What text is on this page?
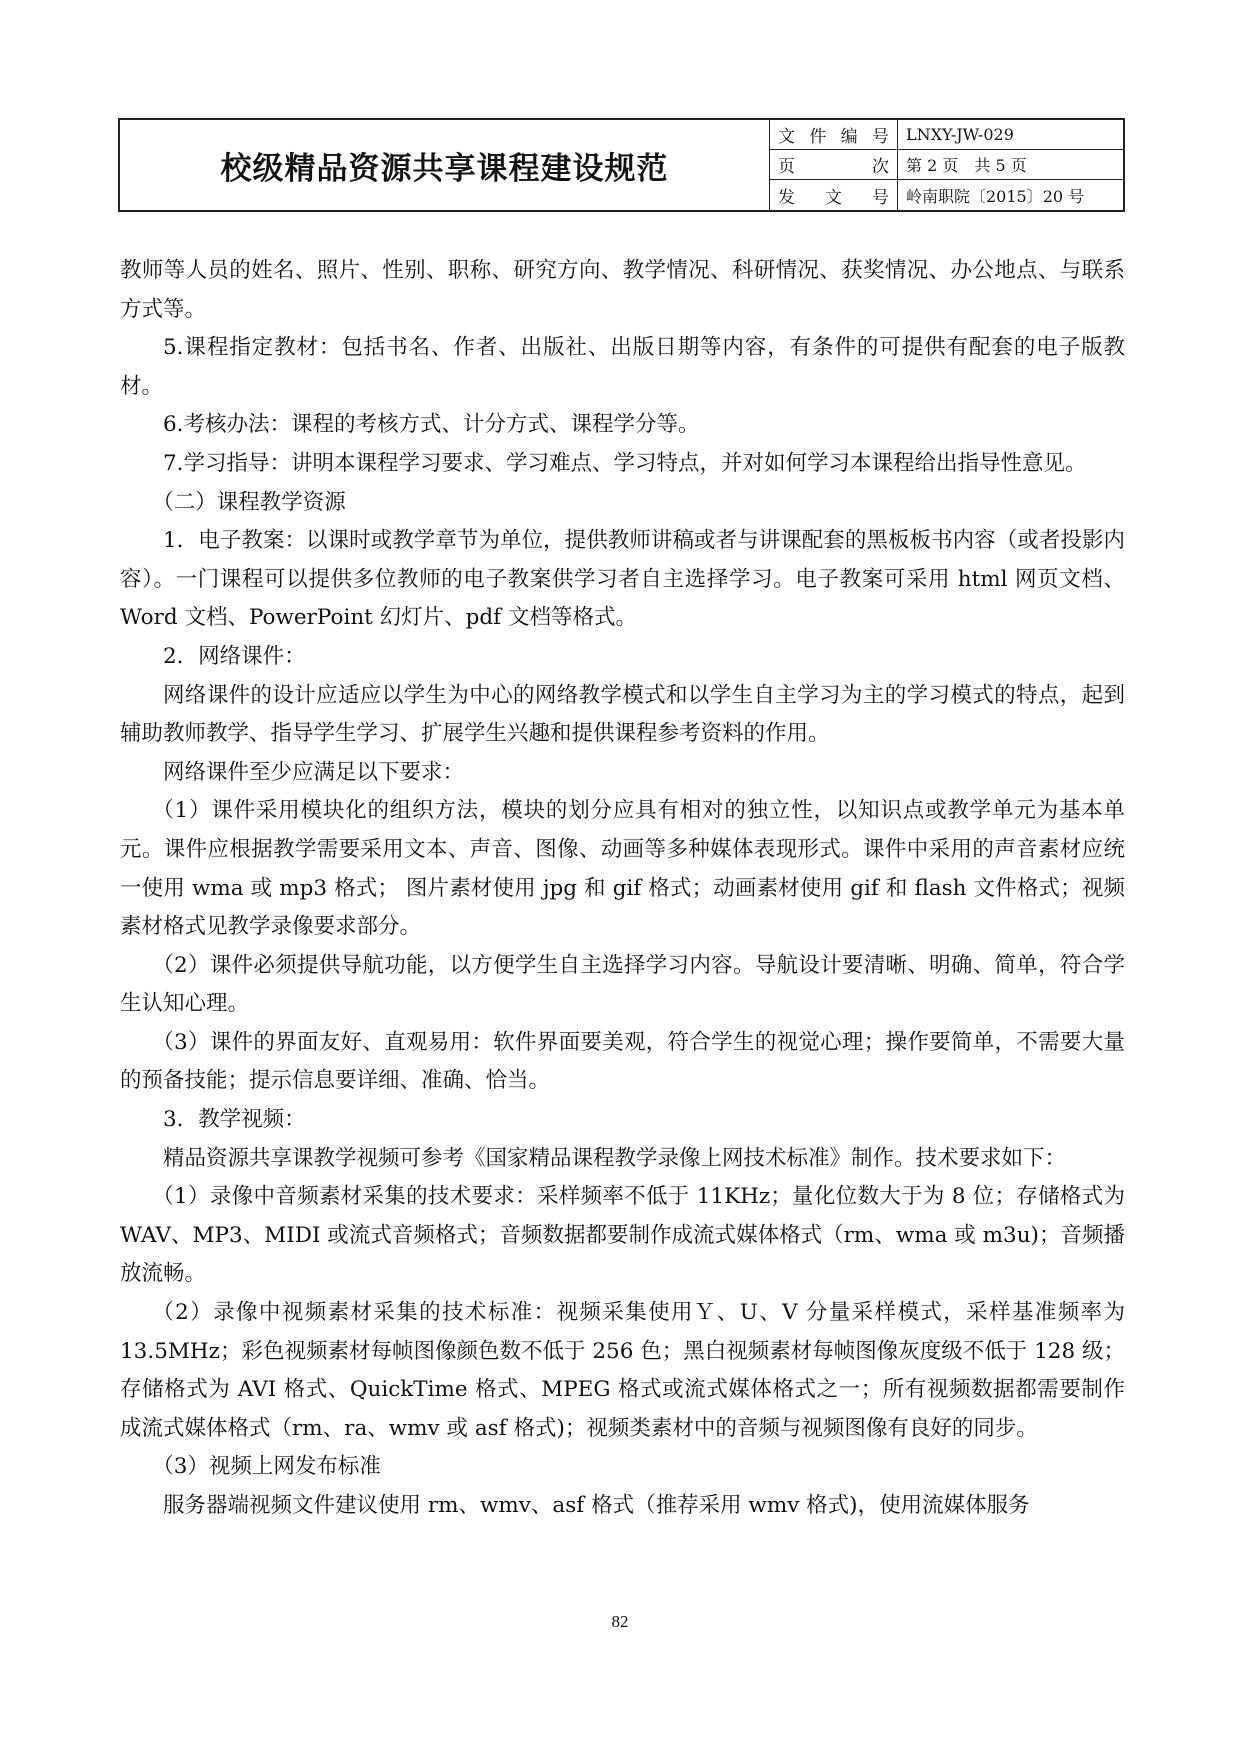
校级精品资源共享课程建设规范
文 件 编 号	LNXY-JW-029
页	次	第 2 页　共 5 页
发 文 号	岭南职院〔2015〕20 号

教师等人员的姓名、照片、性别、职称、研究方向、教学情况、科研情况、获奖情况、办公地点、与联系方式等。

5.课程指定教材：包括书名、作者、出版社、出版日期等内容，有条件的可提供有配套的电子版教材。

6.考核办法：课程的考核方式、计分方式、课程学分等。

7.学习指导：讲明本课程学习要求、学习难点、学习特点，并对如何学习本课程给出指导性意见。

（二）课程教学资源

1．电子教案：以课时或教学章节为单位，提供教师讲稿或者与讲课配套的黑板板书内容（或者投影内容）。一门课程可以提供多位教师的电子教案供学习者自主选择学习。电子教案可采用 html 网页文档、Word 文档、PowerPoint 幻灯片、pdf 文档等格式。

2．网络课件：

网络课件的设计应适应以学生为中心的网络教学模式和以学生自主学习为主的学习模式的特点，起到辅助教师教学、指导学生学习、扩展学生兴趣和提供课程参考资料的作用。

网络课件至少应满足以下要求：

（1）课件采用模块化的组织方法，模块的划分应具有相对的独立性，以知识点或教学单元为基本单元。课件应根据教学需要采用文本、声音、图像、动画等多种媒体表现形式。课件中采用的声音素材应统一使用 wma 或 mp3 格式； 图片素材使用 jpg 和 gif 格式；动画素材使用 gif 和 flash 文件格式；视频素材格式见教学录像要求部分。

（2）课件必须提供导航功能，以方便学生自主选择学习内容。导航设计要清晰、明确、简单，符合学生认知心理。

（3）课件的界面友好、直观易用：软件界面要美观，符合学生的视觉心理；操作要简单，不需要大量的预备技能；提示信息要详细、准确、恰当。

3．教学视频：

精品资源共享课教学视频可参考《国家精品课程教学录像上网技术标准》制作。技术要求如下：

（1）录像中音频素材采集的技术要求：采样频率不低于 11KHz；量化位数大于为 8 位；存储格式为 WAV、MP3、MIDI 或流式音频格式；音频数据都要制作成流式媒体格式（rm、wma 或 m3u)；音频播放流畅。

（2）录像中视频素材采集的技术标准：视频采集使用Ｙ、U、V 分量采样模式，采样基准频率为 13.5MHz；彩色视频素材每帧图像颜色数不低于 256 色；黑白视频素材每帧图像灰度级不低于 128 级；存储格式为 AVI 格式、QuickTime 格式、MPEG 格式或流式媒体格式之一；所有视频数据都需要制作成流式媒体格式（rm、ra、wmv 或 asf 格式)；视频类素材中的音频与视频图像有良好的同步。

（3）视频上网发布标准

服务器端视频文件建议使用 rm、wmv、asf 格式（推荐采用 wmv 格式)，使用流媒体服务

82
